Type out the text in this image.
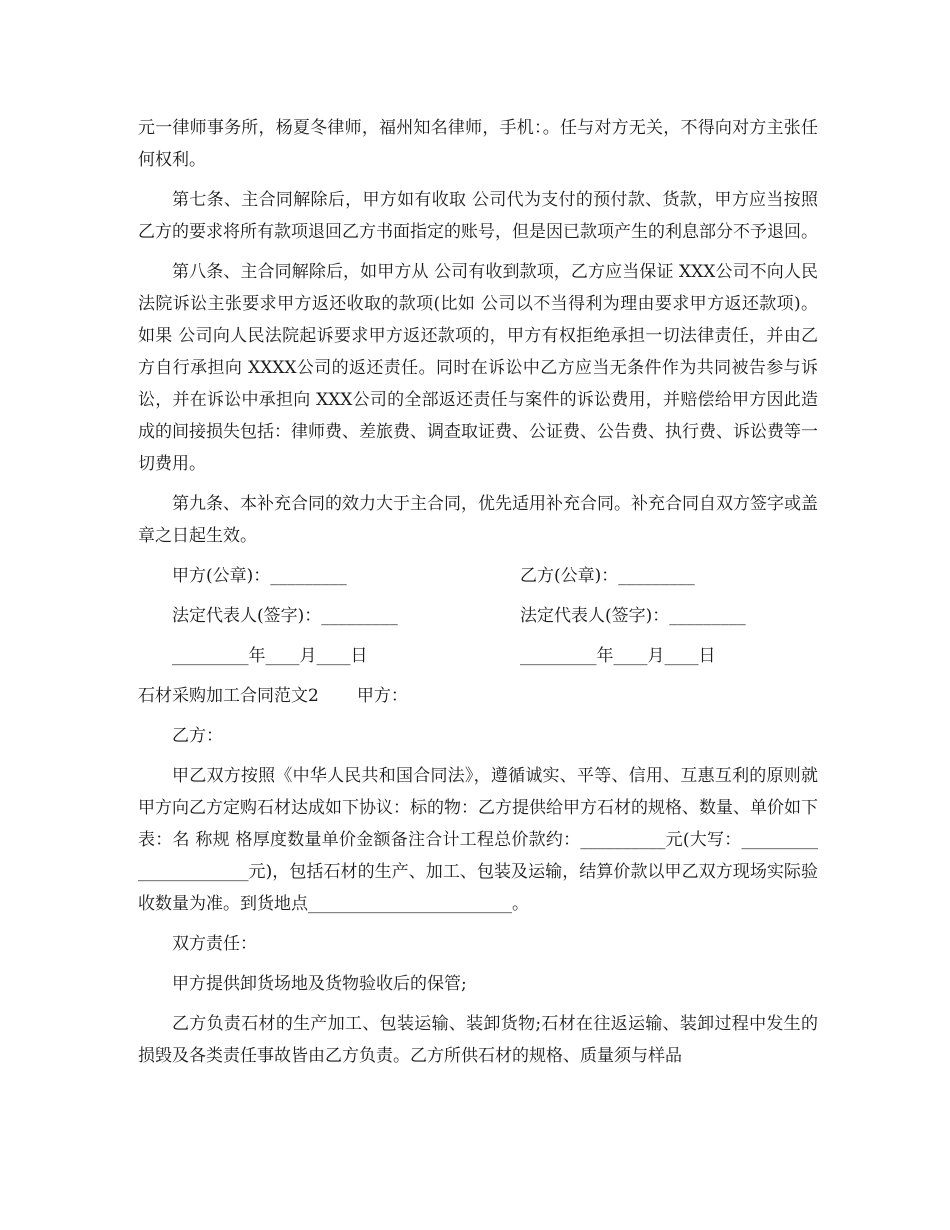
元一律师事务所，杨夏冬律师，福州知名律师，手机：。任与对方无关，不得向对方主张任何权利。

第七条、主合同解除后，甲方如有收取 公司代为支付的预付款、货款，甲方应当按照乙方的要求将所有款项退回乙方书面指定的账号，但是因已款项产生的利息部分不予退回。

第八条、主合同解除后，如甲方从 公司有收到款项，乙方应当保证 XXX公司不向人民法院诉讼主张要求甲方返还收取的款项(比如 公司以不当得利为理由要求甲方返还款项)。如果 公司向人民法院起诉要求甲方返还款项的，甲方有权拒绝承担一切法律责任，并由乙方自行承担向 XXXX公司的返还责任。同时在诉讼中乙方应当无条件作为共同被告参与诉讼，并在诉讼中承担向 XXX公司的全部返还责任与案件的诉讼费用，并赔偿给甲方因此造成的间接损失包括：律师费、差旅费、调查取证费、公证费、公告费、执行费、诉讼费等一切费用。

第九条、本补充合同的效力大于主合同，优先适用补充合同。补充合同自双方签字或盖章之日起生效。

甲方(公章)：_________	乙方(公章)：_________
法定代表人(签字)：_________	法定代表人(签字)：_________
_________年____月____日	_________年____月____日
石材采购加工合同范文2 甲方：

乙方：

甲乙双方按照《中华人民共和国合同法》，遵循诚实、平等、信用、互惠互利的原则就甲方向乙方定购石材达成如下协议：标的物：乙方提供给甲方石材的规格、数量、单价如下表：名 称规 格厚度数量单价金额备注合计工程总价款约：__________元(大写：______________________元)，包括石材的生产、加工、包装及运输，结算价款以甲乙双方现场实际验收数量为准。到货地点________________________。

双方责任：

甲方提供卸货场地及货物验收后的保管;

乙方负责石材的生产加工、包装运输、装卸货物;石材在往返运输、装卸过程中发生的损毁及各类责任事故皆由乙方负责。乙方所供石材的规格、质量须与样品
